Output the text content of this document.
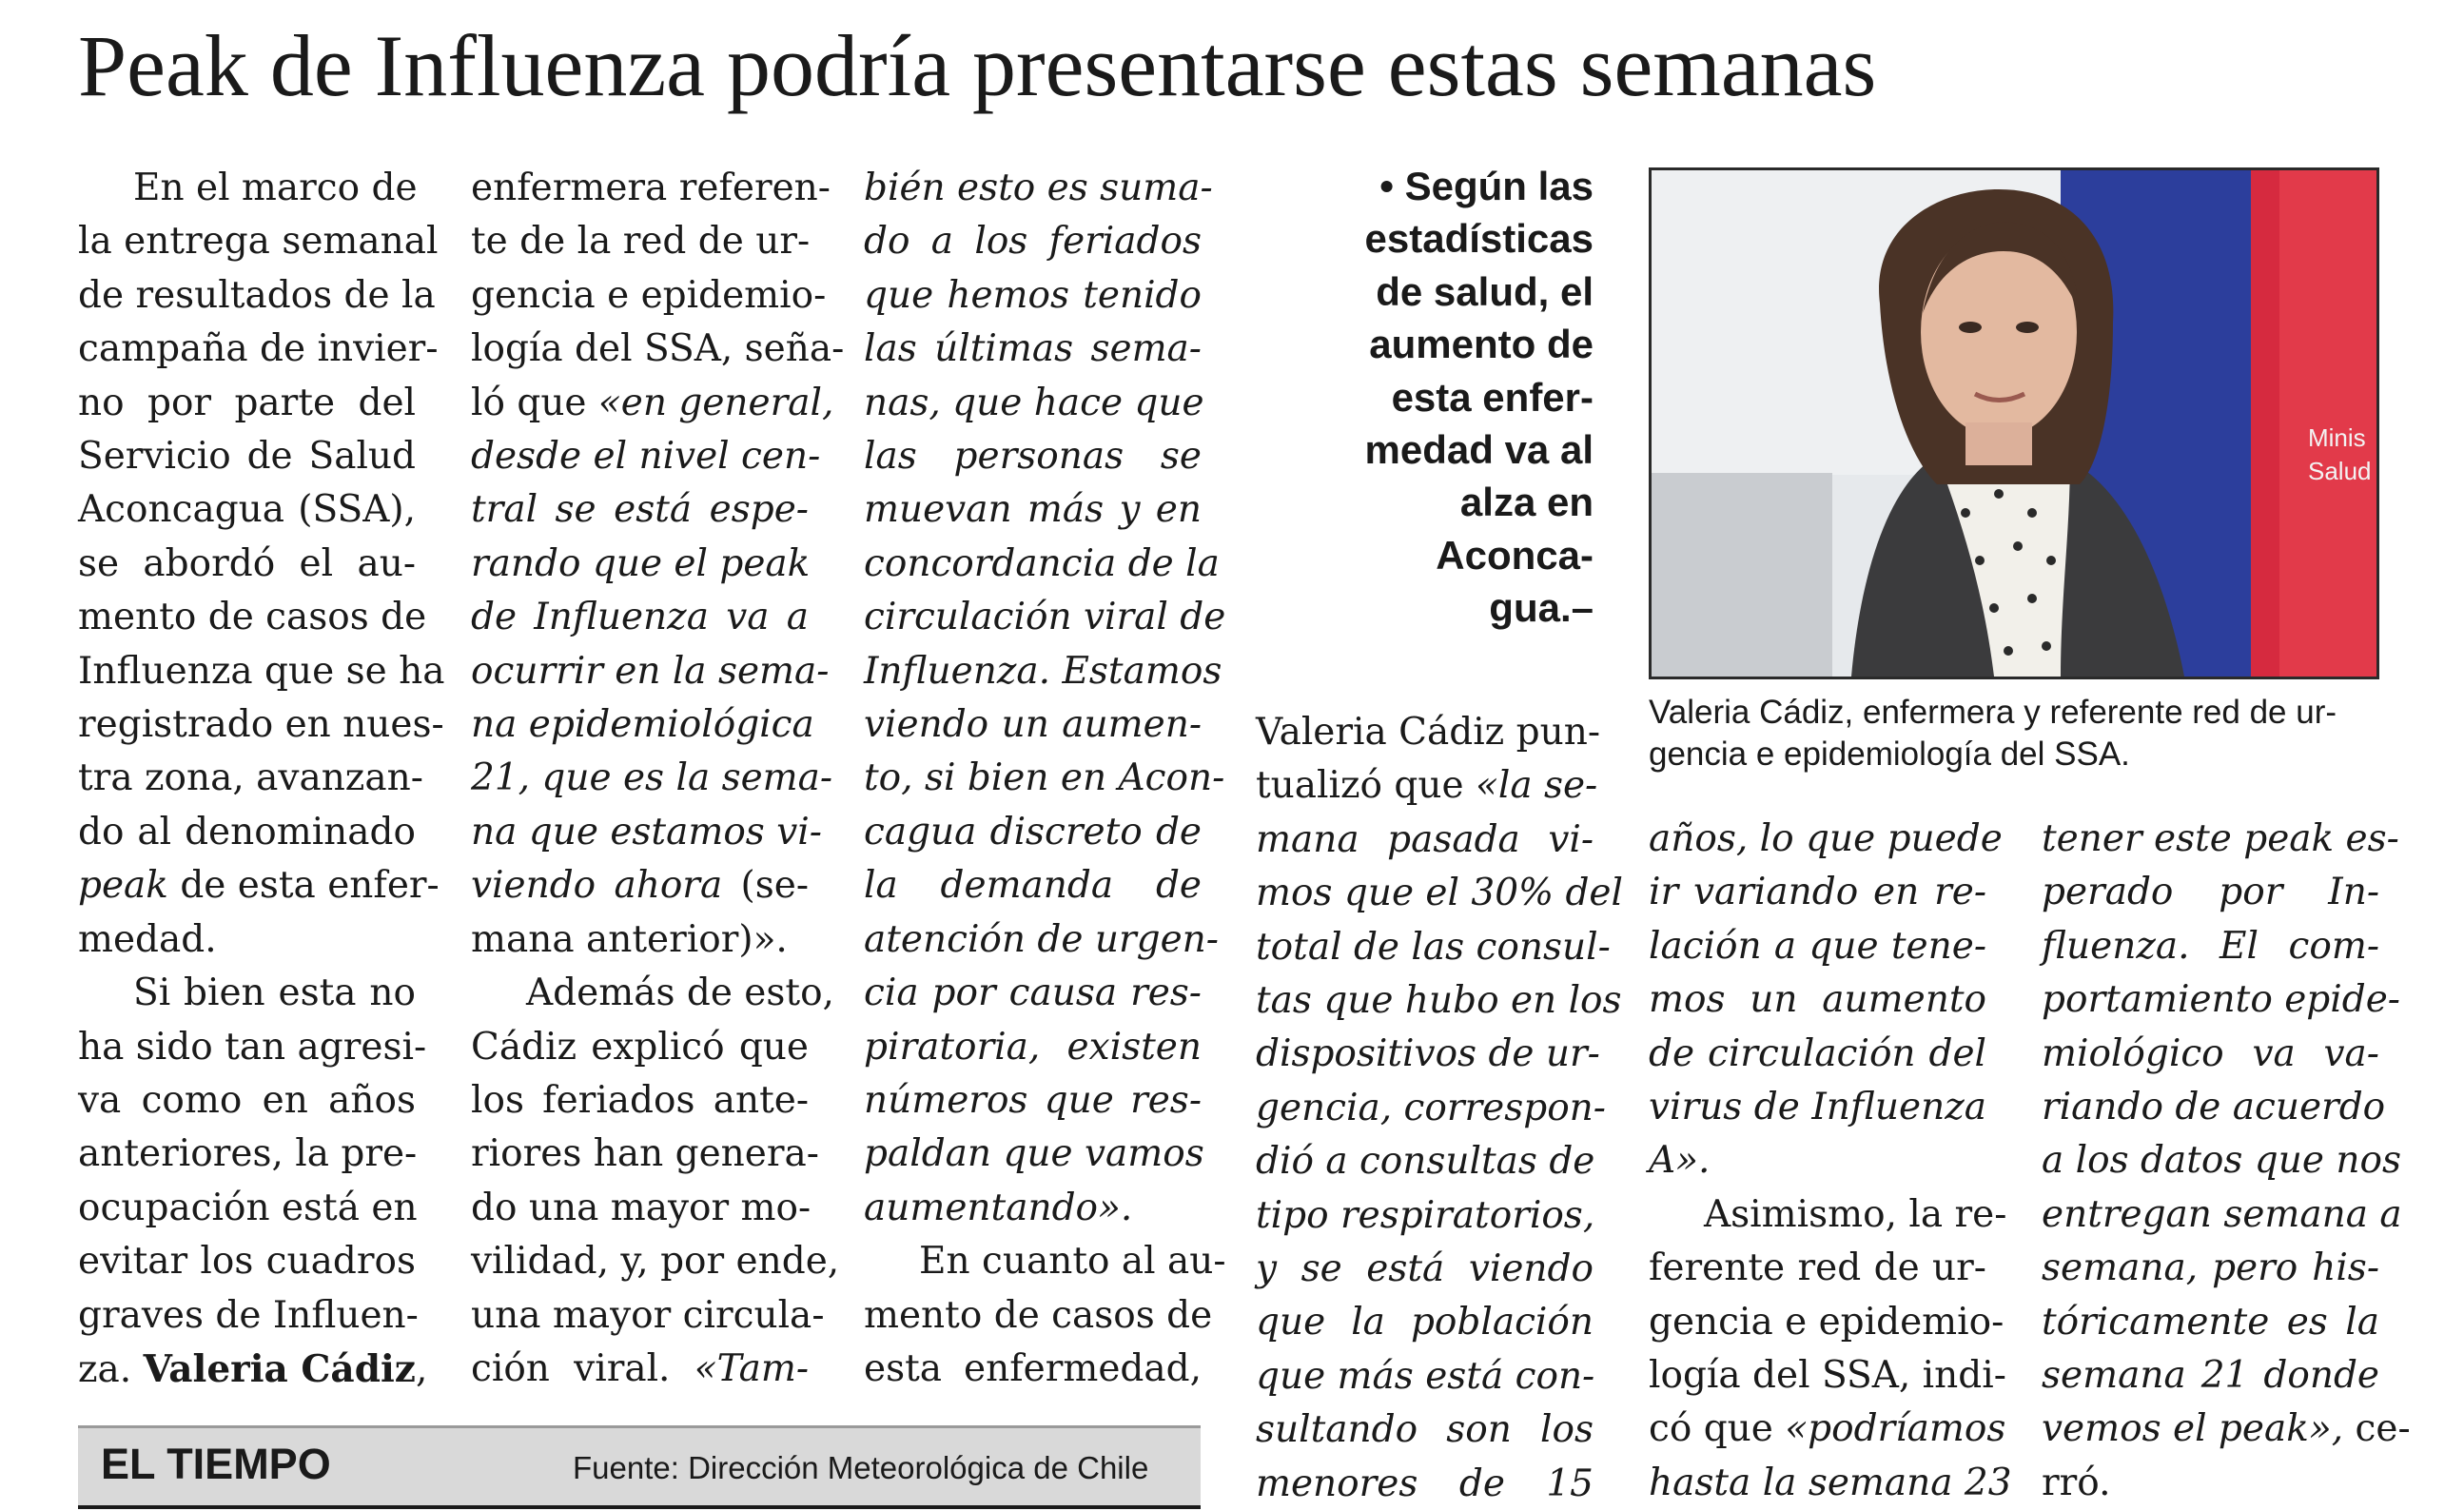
Peak de Influenza podría presentarse estas semanas
En el marco de
la entrega semanal
de resultados de la
campaña de invier-
no por parte del
Servicio de Salud
Aconcagua (SSA),
se abordó el au-
mento de casos de
Influenza que se ha
registrado en nues-
tra zona, avanzan-
do al denominado
peak de esta enfer-
medad.
Si bien esta no
ha sido tan agresi-
va como en años
anteriores, la pre-
ocupación está en
evitar los cuadros
graves de Influen-
za. Valeria Cádiz,
enfermera referen-
te de la red de ur-
gencia e epidemio-
logía del SSA, seña-
ló que «en general,
desde el nivel cen-
tral se está espe-
rando que el peak
de Influenza va a
ocurrir en la sema-
na epidemiológica
21, que es la sema-
na que estamos vi-
viendo ahora (se-
mana anterior)».
Además de esto,
Cádiz explicó que
los feriados ante-
riores han genera-
do una mayor mo-
vilidad, y, por ende,
una mayor circula-
ción viral. «Tam-
bién esto es suma-
do a los feriados
que hemos tenido
las últimas sema-
nas, que hace que
las personas se
muevan más y en
concordancia de la
circulación viral de
Influenza. Estamos
viendo un aumen-
to, si bien en Acon-
cagua discreto de
la demanda de
atención de urgen-
cia por causa res-
piratoria, existen
números que res-
paldan que vamos
aumentando».
En cuanto al au-
mento de casos de
esta enfermedad,
• Según las
estadísticas
de salud, el
aumento de
esta enfer-
medad va al
alza en
Aconca-
gua.–
Minis
Salud
Valeria Cádiz, enfermera y referente red de ur-
gencia e epidemiología del SSA.
Valeria Cádiz pun-
tualizó que «la se-
mana pasada vi-
mos que el 30% del
total de las consul-
tas que hubo en los
dispositivos de ur-
gencia, correspon-
dió a consultas de
tipo respiratorios,
y se está viendo
que la población
que más está con-
sultando son los
menores de 15
años, lo que puede
ir variando en re-
lación a que tene-
mos un aumento
de circulación del
virus de Influenza
A».
Asimismo, la re-
ferente red de ur-
gencia e epidemio-
logía del SSA, indi-
có que «podríamos
hasta la semana 23
tener este peak es-
perado por In-
fluenza. El com-
portamiento epide-
miológico va va-
riando de acuerdo
a los datos que nos
entregan semana a
semana, pero his-
tóricamente es la
semana 21 donde
vemos el peak», ce-
rró.
EL TIEMPO	Fuente: Dirección Meteorológica de Chile
